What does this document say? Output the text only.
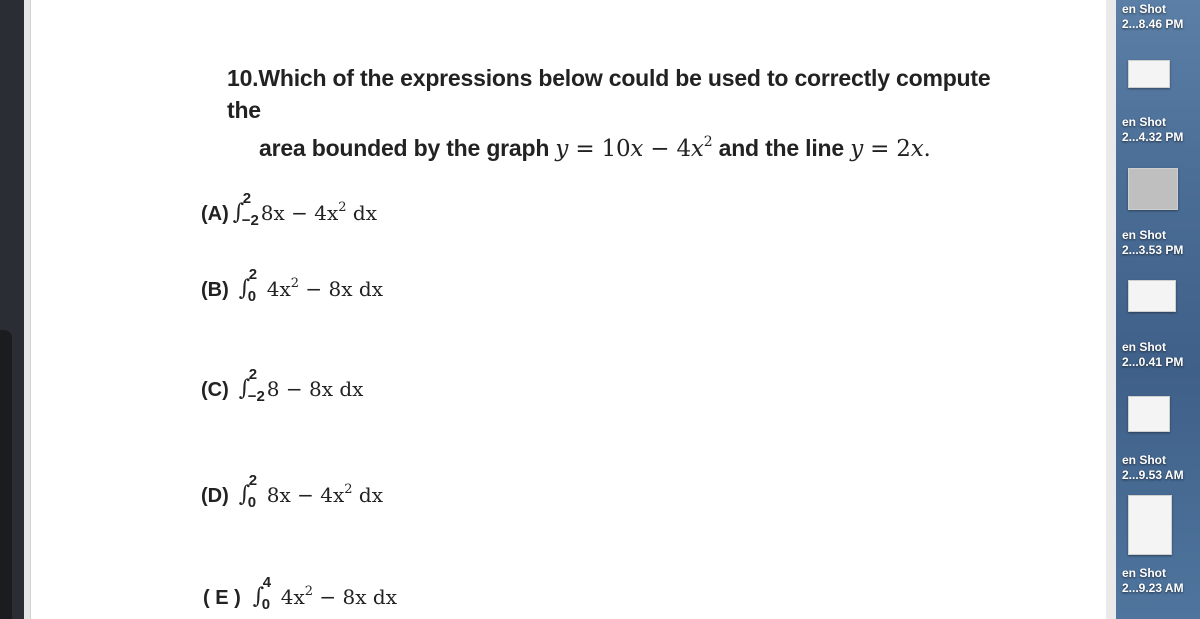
10.Which of the expressions below could be used to correctly compute the
area bounded by the graph $y = 10x - 4x^2$ and the line y = 2x.
(A) ∫
2
−2 $8x - 4x^2$ dx
(B) ∫
2
0 $4x^2 - 8x$ dx
(C) ∫
2
−2 8 − 8x dx
(D) ∫
2
0 $8x - 4x^2$ dx
( E ) ∫
4
0 $4x^2 - 8x$ dx
en Shot
2...8.46 PM
en Shot
2...4.32 PM
en Shot
2...3.53 PM
en Shot
2...0.41 PM
en Shot
2...9.53 AM
en Shot
2...9.23 AM
